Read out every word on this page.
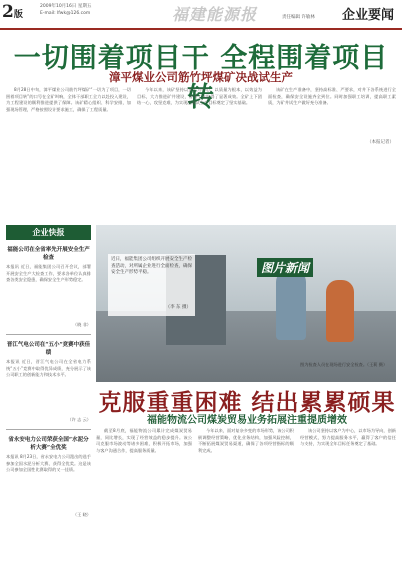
2版
2009年10月16日 星期五
E-mail: lfwk@126.com	福建能源报	责任编辑 许敏林 企业要闻
一切围着项目干 全程围着项目转
漳平煤业公司筋竹坪煤矿决战试生产

8月28日中旬，漳平煤业公司筋竹坪煤矿“一切为了项目，一切围着项目转”的口号在全矿叫响，全体干部职工全力以赴投入建设，为工程建设的顺利推进提供了保障。该矿精心组织、科学安排，加强现场管理，严格按照设计要求施工，确保了工程质量。

今年以来，该矿坚持以安全为中心，以质量为根本，以效益为目标，大力推进矿井建设，各项工作取得了显著成效。全矿上下团结一心，攻坚克难，为实现决战试生产目标奠定了坚实基础。

该矿在生产准备中，坚持高标准、严要求，对井下各系统进行全面检查，确保安全设施齐全到位。同时加强职工培训，提高职工素质，为矿井试生产做好充分准备。

（本报记者）
企业快报
福能公司在全省率先开展安全生产检查
本报讯 近日，福能集团公司召开会议，部署开展安全生产大检查工作，要求各单位认真排查各类安全隐患，确保安全生产形势稳定。
（晓 非）
晋江气电公司在“五小”竞赛中获佳绩
本报讯 近日，晋江气电公司在全省电力系统“五小”竞赛中取得优异成绩，充分展示了该公司职工的创新能力和技术水平。
（许 志 云）
省永安电力公司荣获全国“水泥分析大赛”全优奖
本报讯 8月23日，省永安电力公司派出的选手参加全国水泥分析大赛，获得全优奖。这是该公司参加全国性比赛取得的又一佳绩。
（王 晓）
图片新闻
近日，福能集团公司组织开展安全生产检查活动，对所属企业进行全面检查，确保安全生产形势平稳。
（李 东 摄）
图为检查人员在现场进行安全检查。（王莉 摄）
克服重重困难 结出累累硕果
福能物流公司煤炭贸易业务拓展注重提质增效

截至8月底，福能物流公司累计完成煤炭贸易量，同比增长，实现了经营效益的稳步提升。该公司克服市场波动等诸多困难，积极开拓市场，加强与客户沟通合作，提高服务质量。

今年以来，面对复杂多变的市场形势，该公司积极调整经营策略，优化业务结构，加强风险控制，不断拓展煤炭贸易渠道，确保了各项经营指标的顺利完成。

该公司坚持以客户为中心，以市场为导向，创新经营模式，努力提高服务水平，赢得了客户的信任与支持，为实现全年目标任务奠定了基础。
